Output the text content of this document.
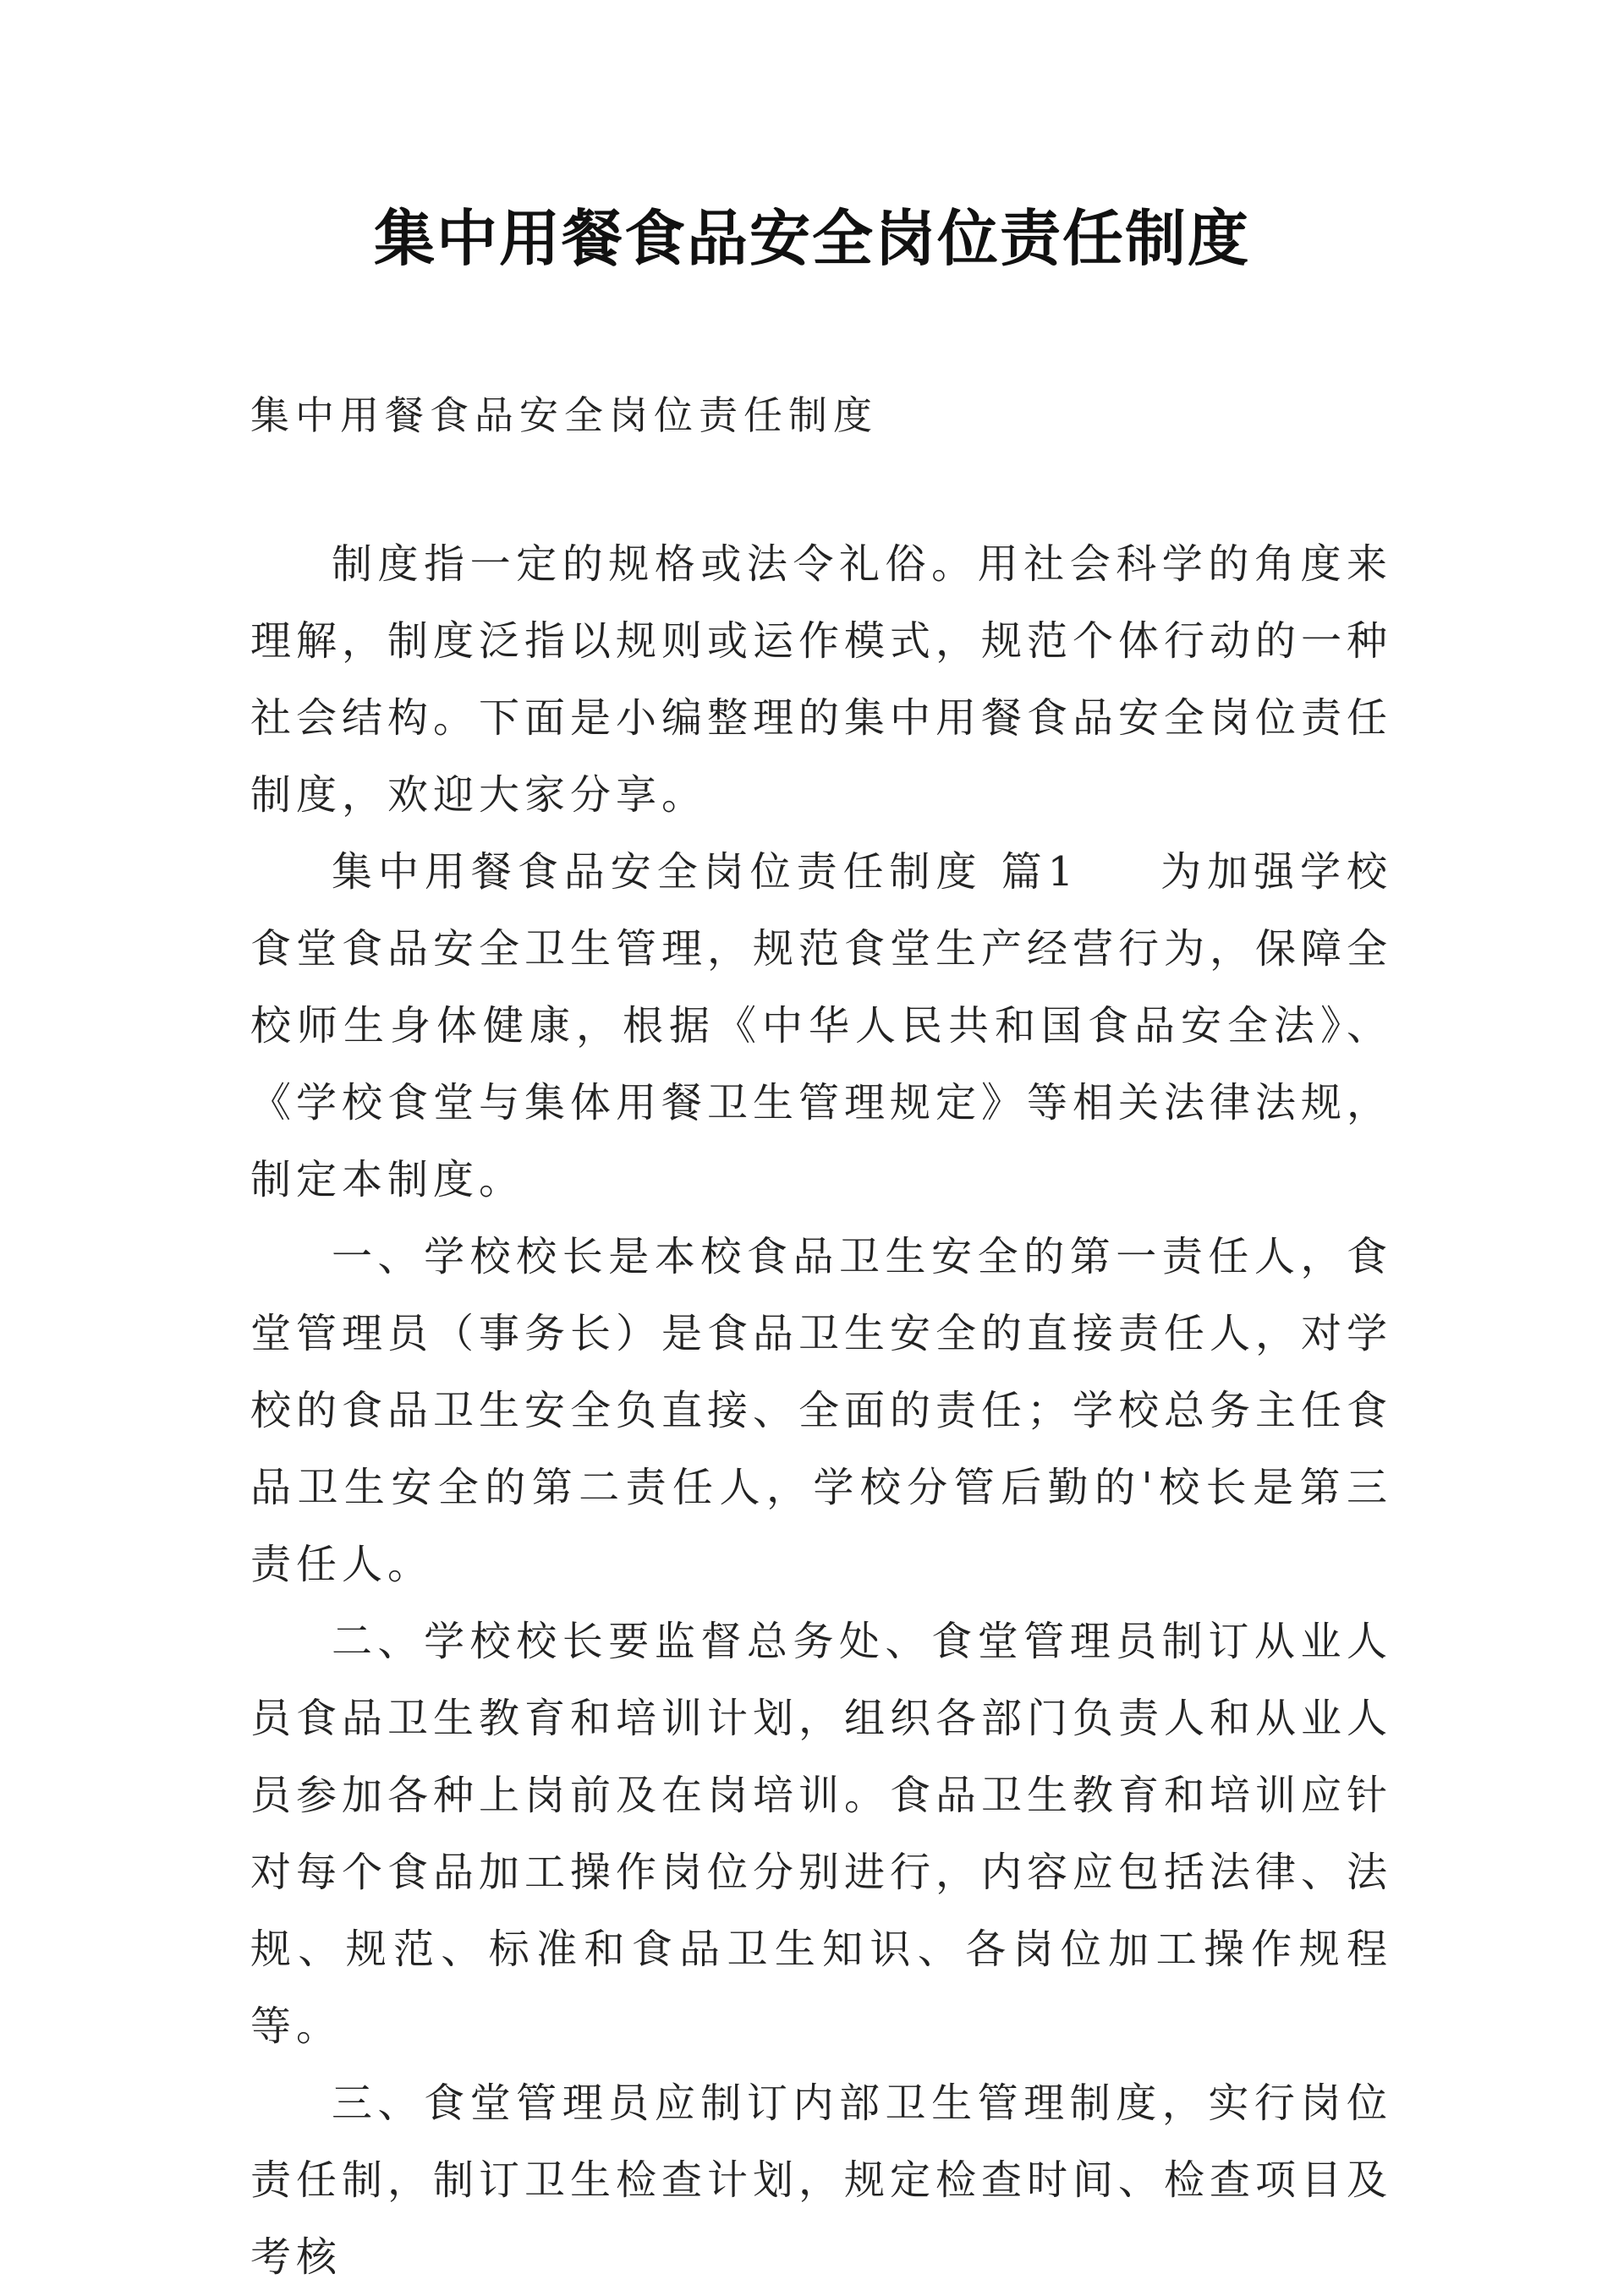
集中用餐食品安全岗位责任制度

集中用餐食品安全岗位责任制度

制度指一定的规格或法令礼俗。用社会科学的角度来理解，制度泛指以规则或运作模式，规范个体行动的一种社会结构。下面是小编整理的集中用餐食品安全岗位责任制度，欢迎大家分享。

集中用餐食品安全岗位责任制度 篇1 为加强学校食堂食品安全卫生管理，规范食堂生产经营行为，保障全校师生身体健康，根据《中华人民共和国食品安全法》、《学校食堂与集体用餐卫生管理规定》等相关法律法规，制定本制度。

一、学校校长是本校食品卫生安全的第一责任人，食堂管理员（事务长）是食品卫生安全的直接责任人，对学校的食品卫生安全负直接、全面的责任；学校总务主任食品卫生安全的第二责任人，学校分管后勤的'校长是第三责任人。

二、学校校长要监督总务处、食堂管理员制订从业人员食品卫生教育和培训计划，组织各部门负责人和从业人员参加各种上岗前及在岗培训。食品卫生教育和培训应针对每个食品加工操作岗位分别进行，内容应包括法律、法规、规范、标准和食品卫生知识、各岗位加工操作规程等。

三、食堂管理员应制订内部卫生管理制度，实行岗位责任制，制订卫生检查计划，规定检查时间、检查项目及考核
